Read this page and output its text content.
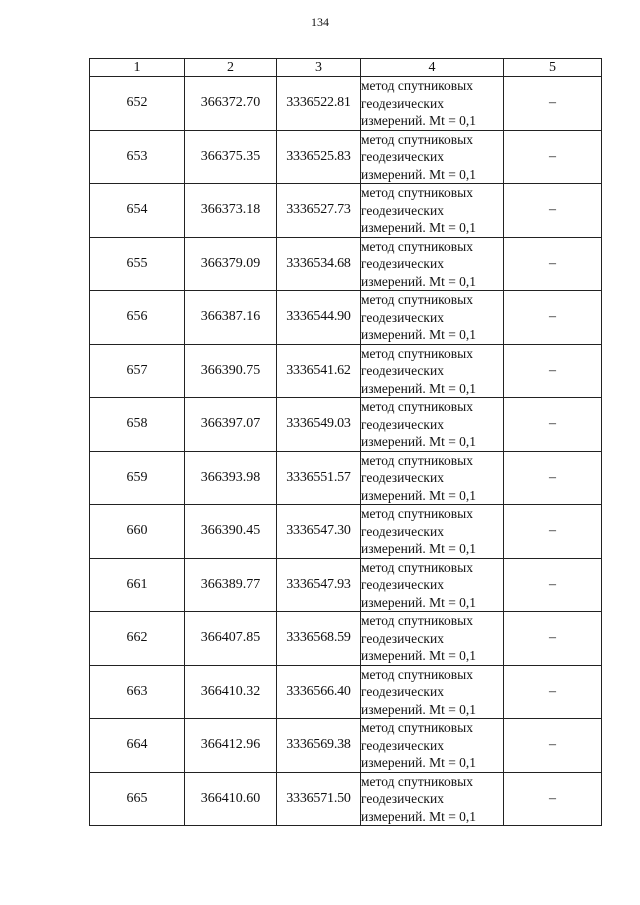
134
1	2	3	4	5
652	366372.70	3336522.81	метод спутниковых
геодезических
измерений. Mt = 0,1	–
653	366375.35	3336525.83	метод спутниковых
геодезических
измерений. Mt = 0,1	–
654	366373.18	3336527.73	метод спутниковых
геодезических
измерений. Mt = 0,1	–
655	366379.09	3336534.68	метод спутниковых
геодезических
измерений. Mt = 0,1	–
656	366387.16	3336544.90	метод спутниковых
геодезических
измерений. Mt = 0,1	–
657	366390.75	3336541.62	метод спутниковых
геодезических
измерений. Mt = 0,1	–
658	366397.07	3336549.03	метод спутниковых
геодезических
измерений. Mt = 0,1	–
659	366393.98	3336551.57	метод спутниковых
геодезических
измерений. Mt = 0,1	–
660	366390.45	3336547.30	метод спутниковых
геодезических
измерений. Mt = 0,1	–
661	366389.77	3336547.93	метод спутниковых
геодезических
измерений. Mt = 0,1	–
662	366407.85	3336568.59	метод спутниковых
геодезических
измерений. Mt = 0,1	–
663	366410.32	3336566.40	метод спутниковых
геодезических
измерений. Mt = 0,1	–
664	366412.96	3336569.38	метод спутниковых
геодезических
измерений. Mt = 0,1	–
665	366410.60	3336571.50	метод спутниковых
геодезических
измерений. Mt = 0,1	–
